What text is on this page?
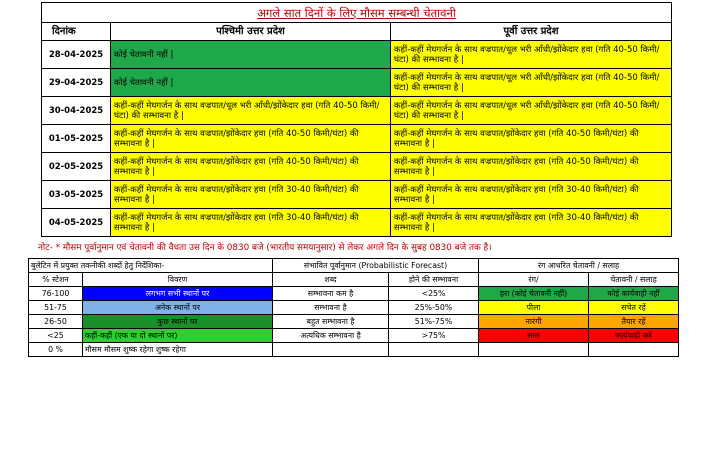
अगले सात दिनों के लिए मौसम सम्बन्धी चेतावनी		
दिनांक	पश्चिमी उत्तर प्रदेश	पूर्वी उत्तर प्रदेश
28-04-2025	कोई चेतावनी नहीं |	कहीं-कहीं मेघगर्जन के साथ वज्रपात/धूल भरी आँधी/झोंकेदार हवा (गति 40-50 किमी/घंटा) की सम्भावना है |
29-04-2025	कोई चेतावनी नहीं |	कहीं-कहीं मेघगर्जन के साथ वज्रपात/धूल भरी आँधी/झोंकेदार हवा (गति 40-50 किमी/घंटा) की सम्भावना है |
30-04-2025	कहीं-कहीं मेघगर्जन के साथ वज्रपात/धूल भरी आँधी/झोंकेदार हवा (गति 40-50 किमी/घंटा) की सम्भावना है |	कहीं-कहीं मेघगर्जन के साथ वज्रपात/धूल भरी आँधी/झोंकेदार हवा (गति 40-50 किमी/घंटा) की सम्भावना है |
01-05-2025	कहीं-कहीं मेघगर्जन के साथ वज्रपात/झोंकेदार हवा (गति 40-50 किमी/घंटा) की सम्भावना है |	कहीं-कहीं मेघगर्जन के साथ वज्रपात/झोंकेदार हवा (गति 40-50 किमी/घंटा) की सम्भावना है |
02-05-2025	कहीं-कहीं मेघगर्जन के साथ वज्रपात/झोंकेदार हवा (गति 40-50 किमी/घंटा) की सम्भावना है |	कहीं-कहीं मेघगर्जन के साथ वज्रपात/झोंकेदार हवा (गति 40-50 किमी/घंटा) की सम्भावना है |
03-05-2025	कहीं-कहीं मेघगर्जन के साथ वज्रपात/झोंकेदार हवा (गति 30-40 किमी/घंटा) की सम्भावना है |	कहीं-कहीं मेघगर्जन के साथ वज्रपात/झोंकेदार हवा (गति 30-40 किमी/घंटा) की सम्भावना है |
04-05-2025	कहीं-कहीं मेघगर्जन के साथ वज्रपात/झोंकेदार हवा (गति 30-40 किमी/घंटा) की सम्भावना है |	कहीं-कहीं मेघगर्जन के साथ वज्रपात/झोंकेदार हवा (गति 30-40 किमी/घंटा) की सम्भावना है |
नोट- * मौसम पूर्वानुमान एवं चेतावनी की वैधता उस दिन के 0830 बजे (भारतीय समयानुसार) से लेकर अगले दिन के सुबह 0830 बजे तक है।
बुलेटिन में प्रयुक्त तकनीकी शब्दों हेतु निर्देशिका-		संभावित पूर्वानुमान (Probabilistic Forecast)		रंग आधरित चेतावनी / सलाह	
% स्टेशन	विवरण	शब्द	होने की सम्भावना	रंग/	चेतावनी / सलाह
76-100	लगभग सभी स्थानों पर	सम्भावना कम है	<25%	हरा (कोई चेतावनी नहीं)	कोई कार्यवाही नहीं
51-75	अनेक स्थानों पर	सम्भावना है	25%-50%	पीला	सचेत रहें
26-50	कुछ स्थानों पर	बहुत सम्भावना है	51%-75%	नारंगी	तैयार रहें
<25	कहीं-कहीं (एक या दो स्थानों पर)	अत्यधिक सम्भावना है	>75%	लाल	कार्यवाही करें
0 %	मौसम मौसम शुष्क रहेगा शुष्क रहेगा				
